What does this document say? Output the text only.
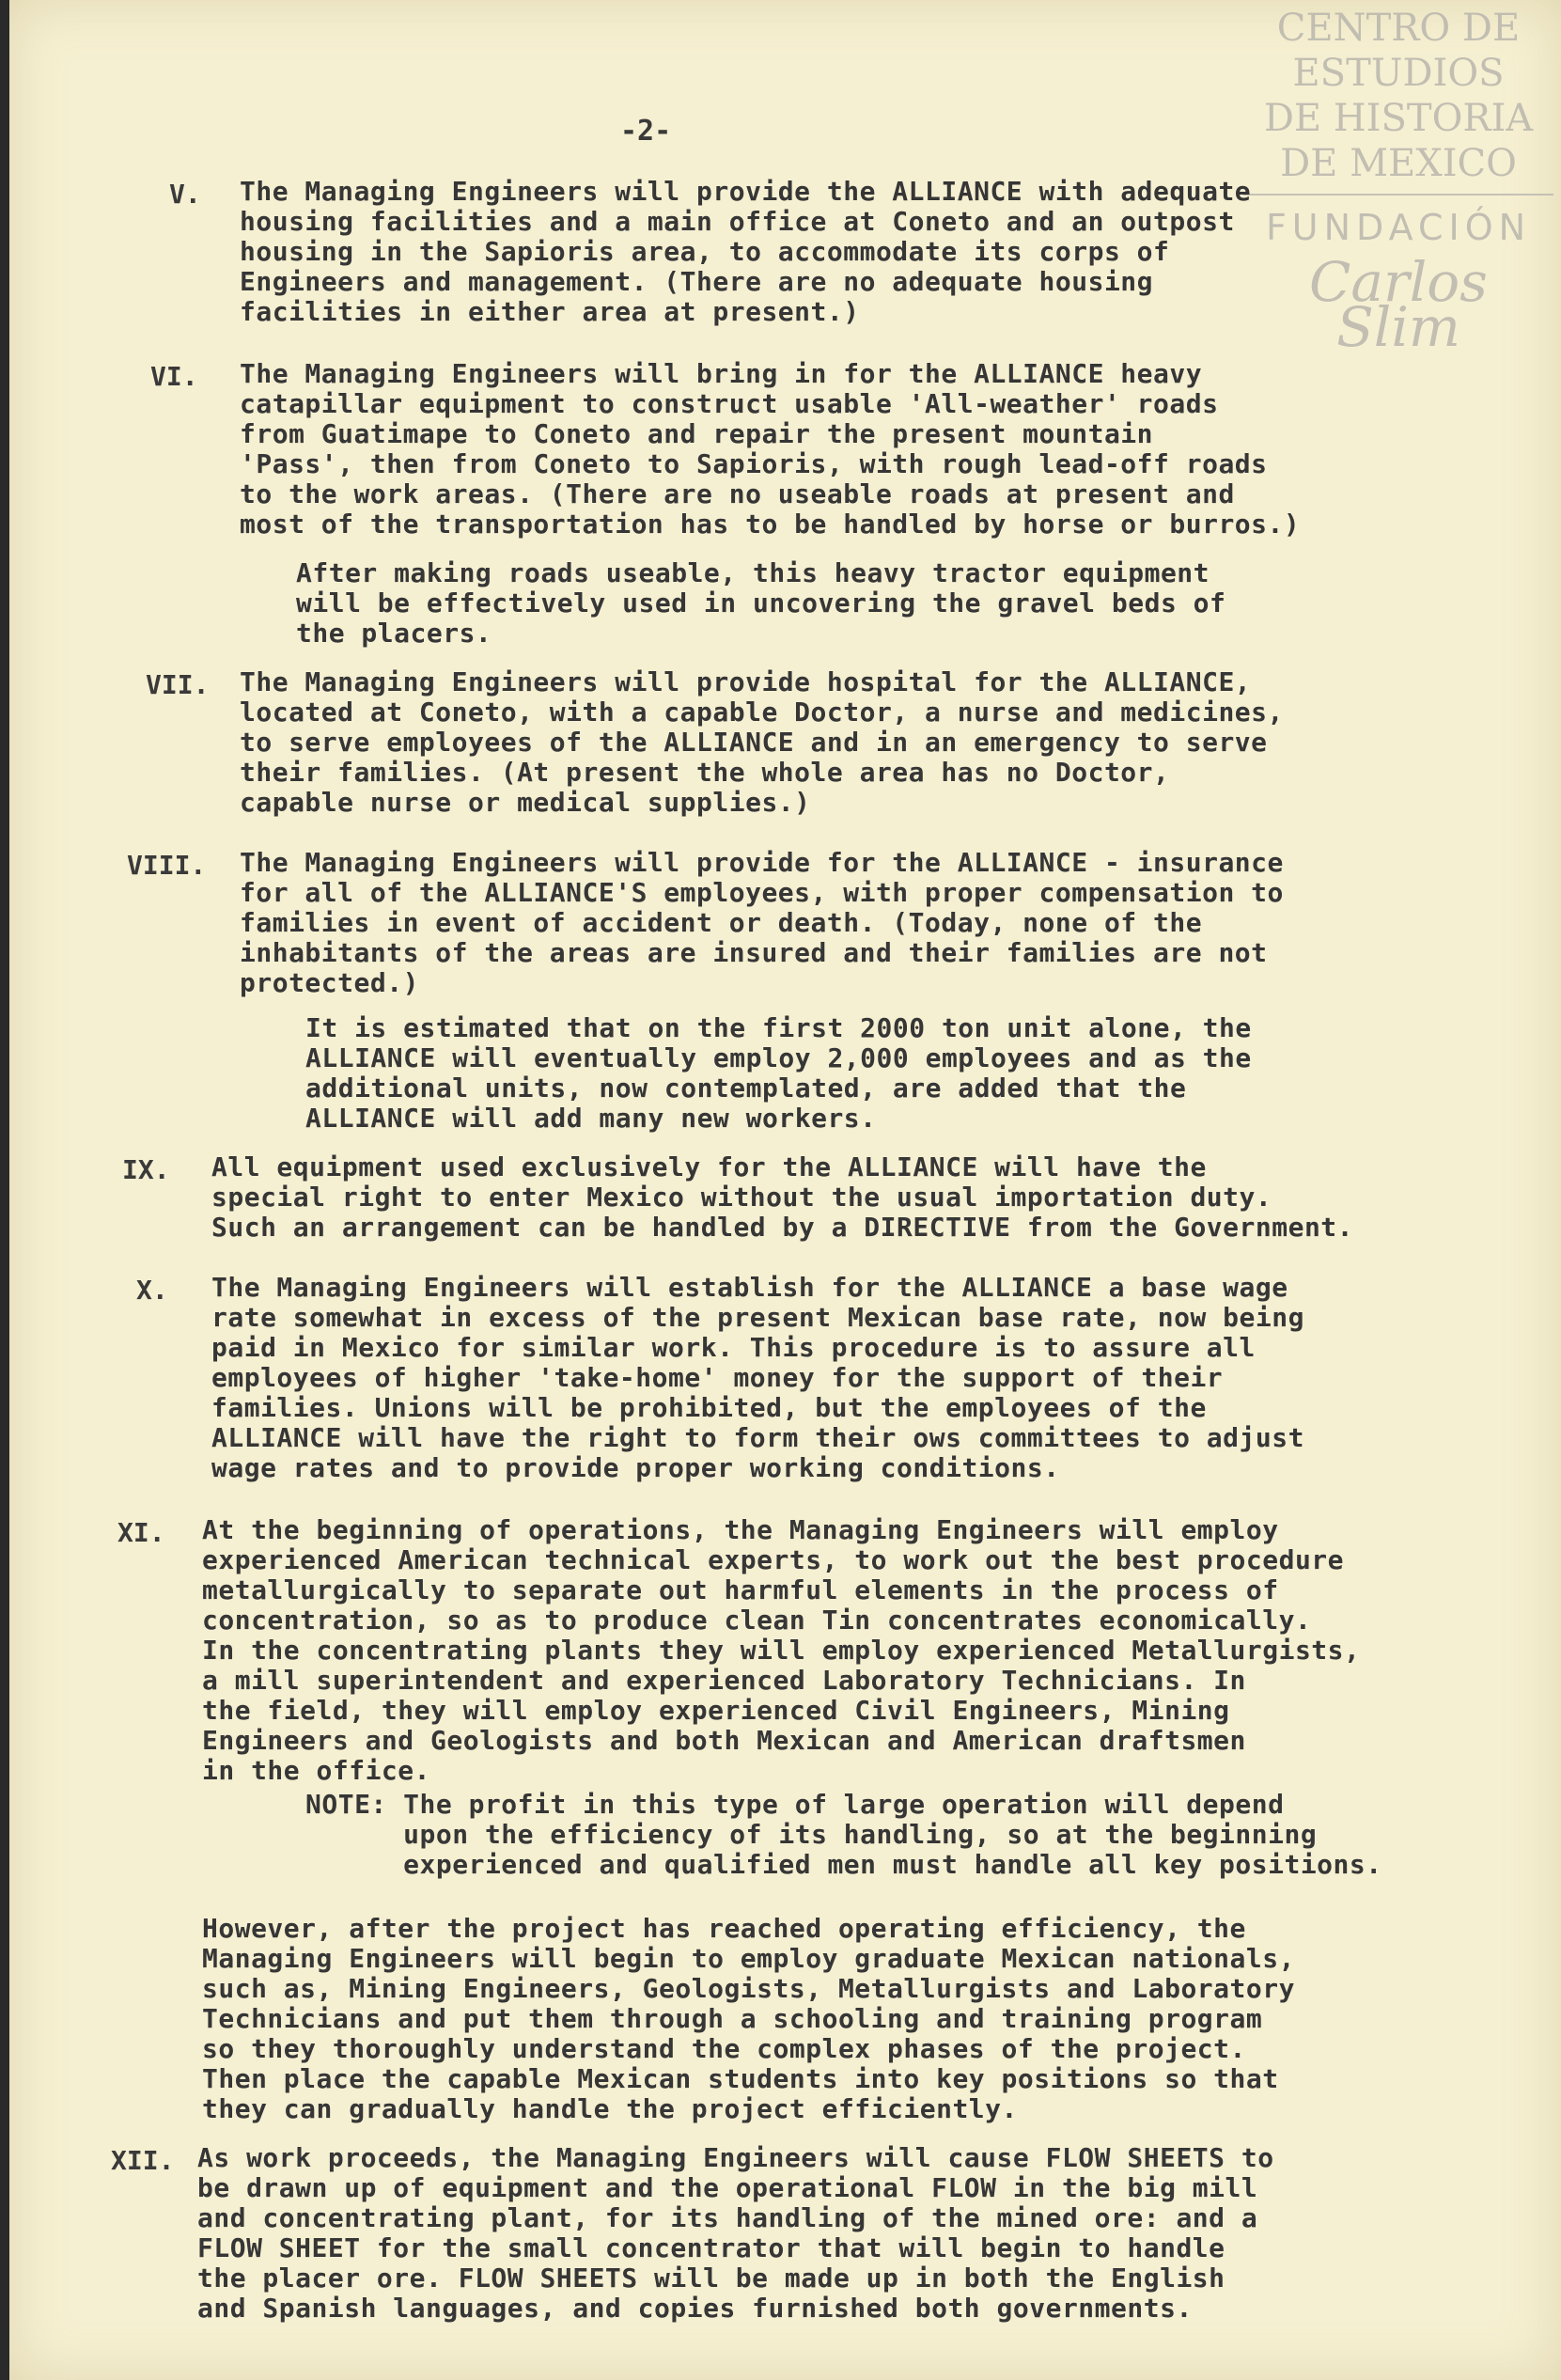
CENTRO DE
ESTUDIOS
DE HISTORIA
DE MEXICO
FUNDACIÓN
Carlos Slim
-2-
V. The Managing Engineers will provide the ALLIANCE with adequate
housing facilities and a main office at Coneto and an outpost
housing in the Sapioris area, to accommodate its corps of
Engineers and management. (There are no adequate housing
facilities in either area at present.)
VI. The Managing Engineers will bring in for the ALLIANCE heavy
catapillar equipment to construct usable 'All-weather' roads
from Guatimape to Coneto and repair the present mountain
'Pass', then from Coneto to Sapioris, with rough lead-off roads
to the work areas. (There are no useable roads at present and
most of the transportation has to be handled by horse or burros.)
After making roads useable, this heavy tractor equipment
will be effectively used in uncovering the gravel beds of
the placers.
VII. The Managing Engineers will provide hospital for the ALLIANCE,
located at Coneto, with a capable Doctor, a nurse and medicines,
to serve employees of the ALLIANCE and in an emergency to serve
their families. (At present the whole area has no Doctor,
capable nurse or medical supplies.)
VIII. The Managing Engineers will provide for the ALLIANCE - insurance
for all of the ALLIANCE'S employees, with proper compensation to
families in event of accident or death. (Today, none of the
inhabitants of the areas are insured and their families are not
protected.)
It is estimated that on the first 2000 ton unit alone, the
ALLIANCE will eventually employ 2,000 employees and as the
additional units, now contemplated, are added that the
ALLIANCE will add many new workers.
IX. All equipment used exclusively for the ALLIANCE will have the
special right to enter Mexico without the usual importation duty.
Such an arrangement can be handled by a DIRECTIVE from the Government.
X. The Managing Engineers will establish for the ALLIANCE a base wage
rate somewhat in excess of the present Mexican base rate, now being
paid in Mexico for similar work. This procedure is to assure all
employees of higher 'take-home' money for the support of their
families. Unions will be prohibited, but the employees of the
ALLIANCE will have the right to form their ows committees to adjust
wage rates and to provide proper working conditions.
XI. At the beginning of operations, the Managing Engineers will employ
experienced American technical experts, to work out the best procedure
metallurgically to separate out harmful elements in the process of
concentration, so as to produce clean Tin concentrates economically.
In the concentrating plants they will employ experienced Metallurgists,
a mill superintendent and experienced Laboratory Technicians. In
the field, they will employ experienced Civil Engineers, Mining
Engineers and Geologists and both Mexican and American draftsmen
in the office.
NOTE: The profit in this type of large operation will depend
upon the efficiency of its handling, so at the beginning
experienced and qualified men must handle all key positions.
However, after the project has reached operating efficiency, the
Managing Engineers will begin to employ graduate Mexican nationals,
such as, Mining Engineers, Geologists, Metallurgists and Laboratory
Technicians and put them through a schooling and training program
so they thoroughly understand the complex phases of the project.
Then place the capable Mexican students into key positions so that
they can gradually handle the project efficiently.
XII. As work proceeds, the Managing Engineers will cause FLOW SHEETS to
be drawn up of equipment and the operational FLOW in the big mill
and concentrating plant, for its handling of the mined ore: and a
FLOW SHEET for the small concentrator that will begin to handle
the placer ore. FLOW SHEETS will be made up in both the English
and Spanish languages, and copies furnished both governments.
